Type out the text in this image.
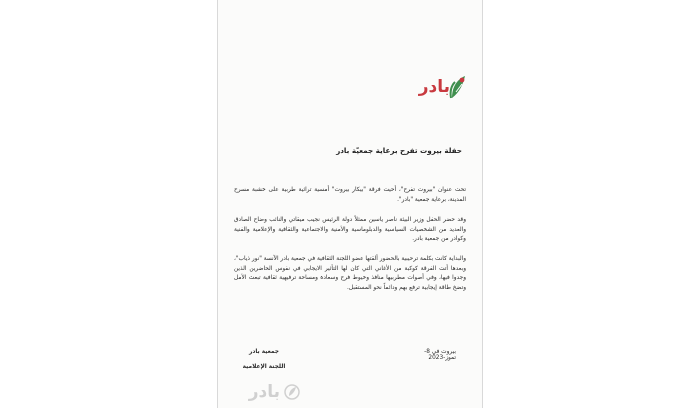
بادر
حفلة بيروت تفرح برعاية جمعيّة بادر

تحت عنوان "بيروت تفرح"، أحيت فرقة "بيكار بيروت" أمسية تراثية طربية على خشبة مسرح المدينة، برعاية جمعية "بادر".

وقد حضر الحفل وزير البيئة ناصر ياسين ممثلاً دولة الرئيس نجيب ميقاتي والنائب وضاح الصادق والعديد من الشخصيات السياسية والدبلوماسية والأمنية والاجتماعية والثقافية والإعلامية والفنية وكوادر من جمعية بادر.

والبداية كانت بكلمة ترحيبية بالحضور ألقتها عضو اللجنة الثقافية في جمعية بادر الآنسة "نور ذياب"، وبعدها أتت الفرقة كوكبة من الأغاني التي كان لها التأثير الايجابي في نفوس الحاضرين الذين وجدوا فيها، وفي أصوات مطربيها منافذ وخيوط فرح وسعادة ومساحة ترفيهية ثقافية تبعث الأمل وتضخ طاقة إيجابية ترفع بهم ودائماً نحو المستقبل.

بيروت في 8- تموز-2023
جمعية بادر
اللجنة الإعلامية
بادر
